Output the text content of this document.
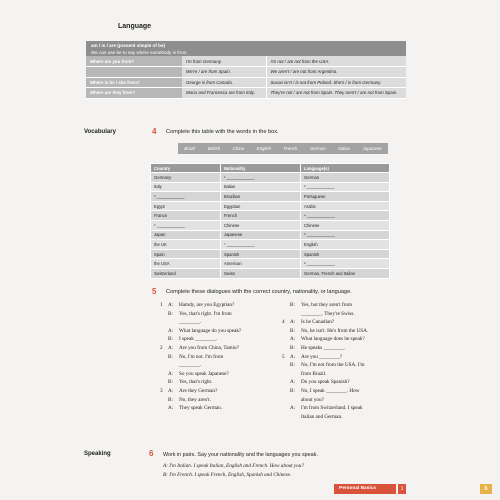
Language
am / is / are (present simple of be)
We can use be to say where somebody is from.
Where are you from?	I'm from Germany.	I'm not / am not from the USA.
	We're / are from Spain.	We aren't / are not from Argentina.
Where is he / she from?	George is from Canada.	Susan isn't / is not from Poland. She's / is from Germany.
Where are they from?	Maria and Francesca are from Italy.	They're not / are not from Spain. They aren't / are not from Spain.
Vocabulary	4 Complete this table with the words in the box.
Brazil	British	China	English	French	German	Italian	Japanese
Country	Nationality	Language(s)
Germany	¹ ____________	German
Italy	Italian	² ____________
³ ____________	Brazilian	Portuguese
Egypt	Egyptian	Arabic
France	French	⁴ ____________
⁵ ____________	Chinese	Chinese
Japan	Japanese	⁶ ____________
the UK	⁷ ____________	English
Spain	Spanish	Spanish
the USA	American	⁸ ____________
Switzerland	Swiss	German, French and Italian
5 Complete these dialogues with the correct country, nationality, or language.
1	A:	Hamdy, are you Egyptian?
B:	Yes, that's right. I'm from
________.
A:	What language do you speak?
B:	I speak ________.
2	A:	Are you from China, Tamio?
B:	No, I'm not. I'm from
________.
A:	So you speak Japanese?
B:	Yes, that's right.
3	A:	Are they German?
B:	No, they aren't.
A:	They speak German.
B:	Yes, but they aren't from
________. They're Swiss.
4	A:	Is he Canadian?
B:	No, he isn't. He's from the USA.
A:	What language does he speak?
B:	He speaks ________.
5	A:	Are you ________?
B:	No, I'm not from the USA. I'm
from Brazil.
A:	Do you speak Spanish?
B:	No, I speak ________. How
about you?
A:	I'm from Switzerland. I speak
Italian and German.
Speaking	6 Work in pairs. Say your nationality and the languages you speak.
A: I'm Italian. I speak Italian, English and French. How about you?
B: I'm French. I speak French, English, Spanish and Chinese.
Personal Basics	1	5
